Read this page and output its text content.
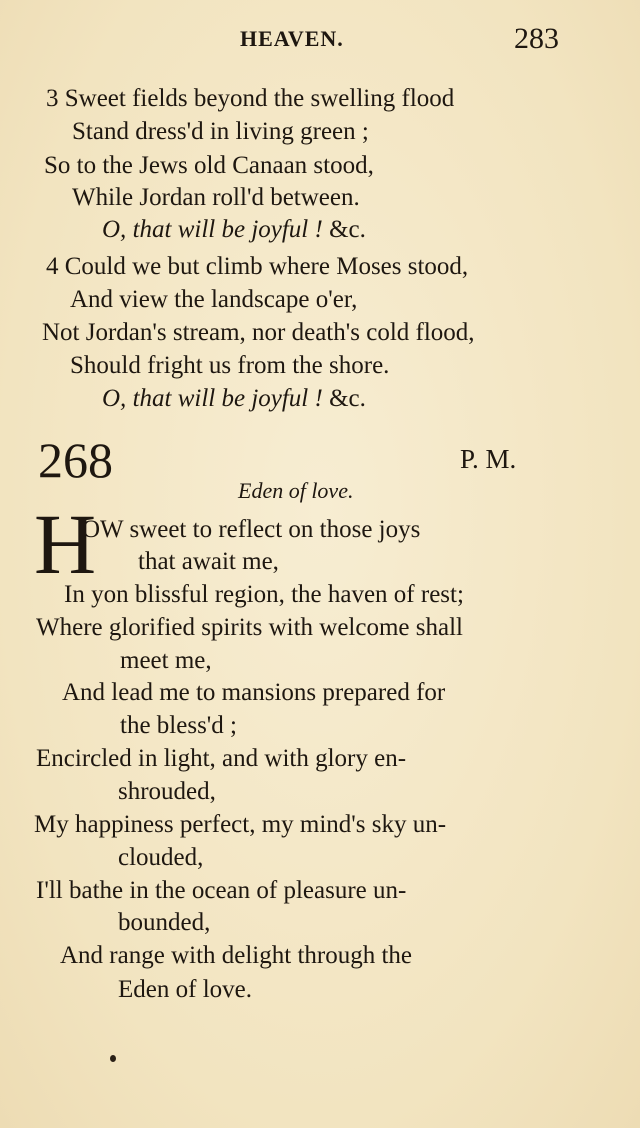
HEAVEN.	283
3 Sweet fields beyond the swelling flood
Stand dress'd in living green ;
So to the Jews old Canaan stood,
While Jordan roll'd between.
O, that will be joyful ! &c.
4 Could we but climb where Moses stood,
And view the landscape o'er,
Not Jordan's stream, nor death's cold flood,
Should fright us from the shore.
O, that will be joyful ! &c.
268	P. M.
Eden of love.
H
OW sweet to reflect on those joys
that await me,
In yon blissful region, the haven of rest;
Where glorified spirits with welcome shall
meet me,
And lead me to mansions prepared for
the bless'd ;
Encircled in light, and with glory en-
shrouded,
My happiness perfect, my mind's sky un-
clouded,
I'll bathe in the ocean of pleasure un-
bounded,
And range with delight through the
Eden of love.
